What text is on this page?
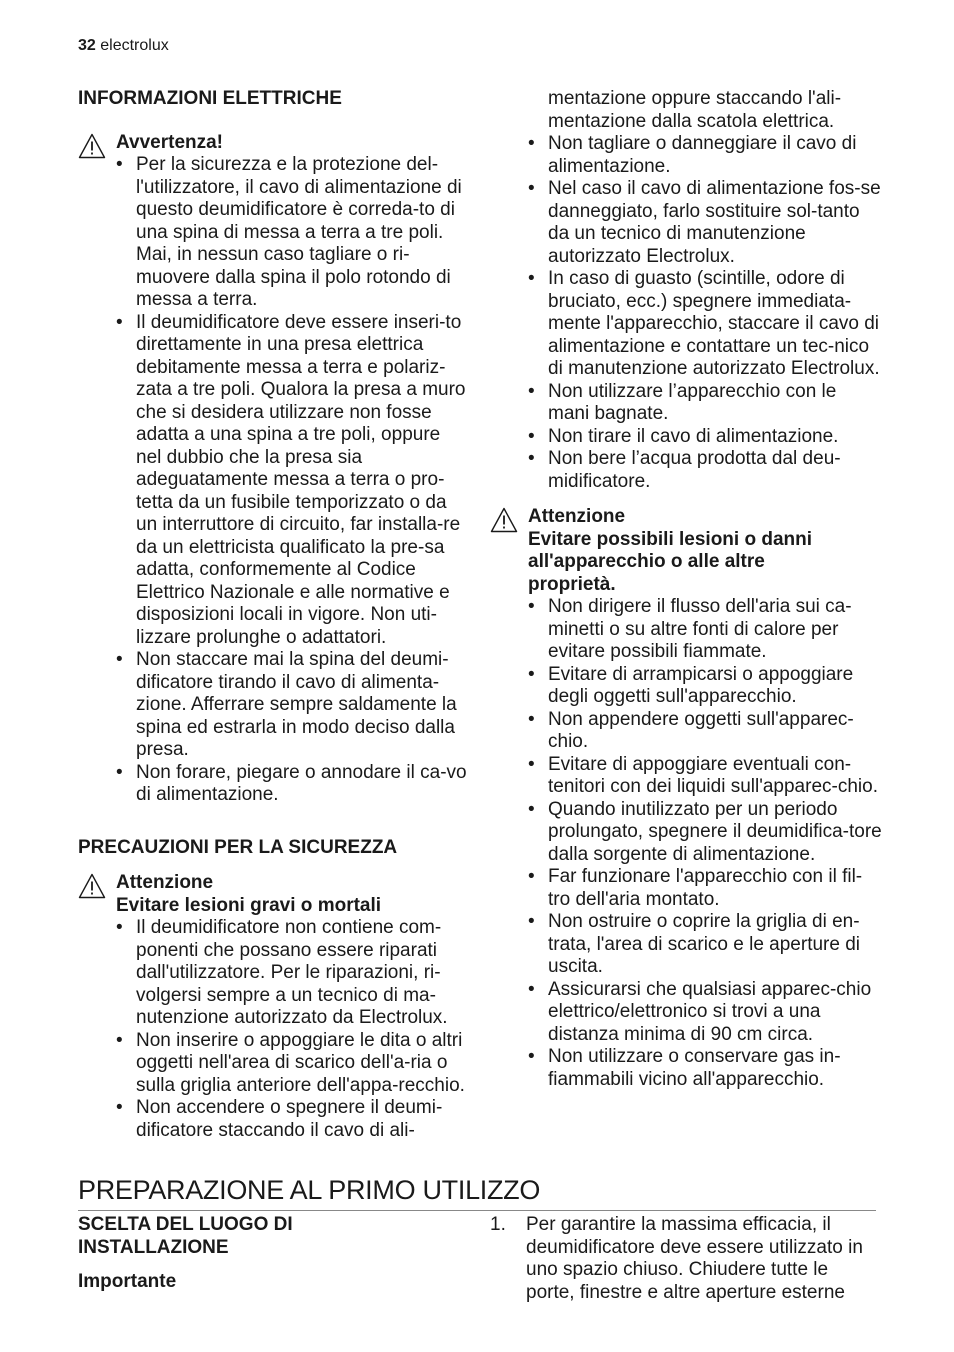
32 electrolux
INFORMAZIONI ELETTRICHE
Avvertenza!
• Per la sicurezza e la protezione del-l'utilizzatore, il cavo di alimentazione di questo deumidificatore è correda-to di una spina di messa a terra a tre poli. Mai, in nessun caso tagliare o ri-muovere dalla spina il polo rotondo di messa a terra.
• Il deumidificatore deve essere inseri-to direttamente in una presa elettrica debitamente messa a terra e polariz-zata a tre poli. Qualora la presa a muro che si desidera utilizzare non fosse adatta a una spina a tre poli, oppure nel dubbio che la presa sia adeguatamente messa a terra o pro-tetta da un fusibile temporizzato o da un interruttore di circuito, far installa-re da un elettricista qualificato la pre-sa adatta, conformemente al Codice Elettrico Nazionale e alle normative e disposizioni locali in vigore. Non uti-lizzare prolunghe o adattatori.
• Non staccare mai la spina del deumi-dificatore tirando il cavo di alimenta-zione. Afferrare sempre saldamente la spina ed estrarla in modo deciso dalla presa.
• Non forare, piegare o annodare il ca-vo di alimentazione.
PRECAUZIONI PER LA SICUREZZA
Attenzione
Evitare lesioni gravi o mortali
• Il deumidificatore non contiene com-ponenti che possano essere riparati dall'utilizzatore. Per le riparazioni, ri-volgersi sempre a un tecnico di ma-nutenzione autorizzato da Electrolux.
• Non inserire o appoggiare le dita o altri oggetti nell'area di scarico dell'a-ria o sulla griglia anteriore dell'appa-recchio.
• Non accendere o spegnere il deumi-dificatore staccando il cavo di ali-
mentazione oppure staccando l'ali-mentazione dalla scatola elettrica.
• Non tagliare o danneggiare il cavo di alimentazione.
• Nel caso il cavo di alimentazione fos-se danneggiato, farlo sostituire sol-tanto da un tecnico di manutenzione autorizzato Electrolux.
• In caso di guasto (scintille, odore di bruciato, ecc.) spegnere immediata-mente l'apparecchio, staccare il cavo di alimentazione e contattare un tec-nico di manutenzione autorizzato Electrolux.
• Non utilizzare l’apparecchio con le mani bagnate.
• Non tirare il cavo di alimentazione.
• Non bere l’acqua prodotta dal deu-midificatore.
Attenzione
Evitare possibili lesioni o danni all'apparecchio o alle altre proprietà.
• Non dirigere il flusso dell'aria sui ca-minetti o su altre fonti di calore per evitare possibili fiammate.
• Evitare di arrampicarsi o appoggiare degli oggetti sull'apparecchio.
• Non appendere oggetti sull'apparec-chio.
• Evitare di appoggiare eventuali con-tenitori con dei liquidi sull'apparec-chio.
• Quando inutilizzato per un periodo prolungato, spegnere il deumidifica-tore dalla sorgente di alimentazione.
• Far funzionare l'apparecchio con il fil-tro dell'aria montato.
• Non ostruire o coprire la griglia di en-trata, l'area di scarico e le aperture di uscita.
• Assicurarsi che qualsiasi apparec-chio elettrico/elettronico si trovi a una distanza minima di 90 cm circa.
• Non utilizzare o conservare gas in-fiammabili vicino all'apparecchio.
PREPARAZIONE AL PRIMO UTILIZZO
SCELTA DEL LUOGO DI INSTALLAZIONE
Importante
1. Per garantire la massima efficacia, il deumidificatore deve essere utilizzato in uno spazio chiuso. Chiudere tutte le porte, finestre e altre aperture esterne
